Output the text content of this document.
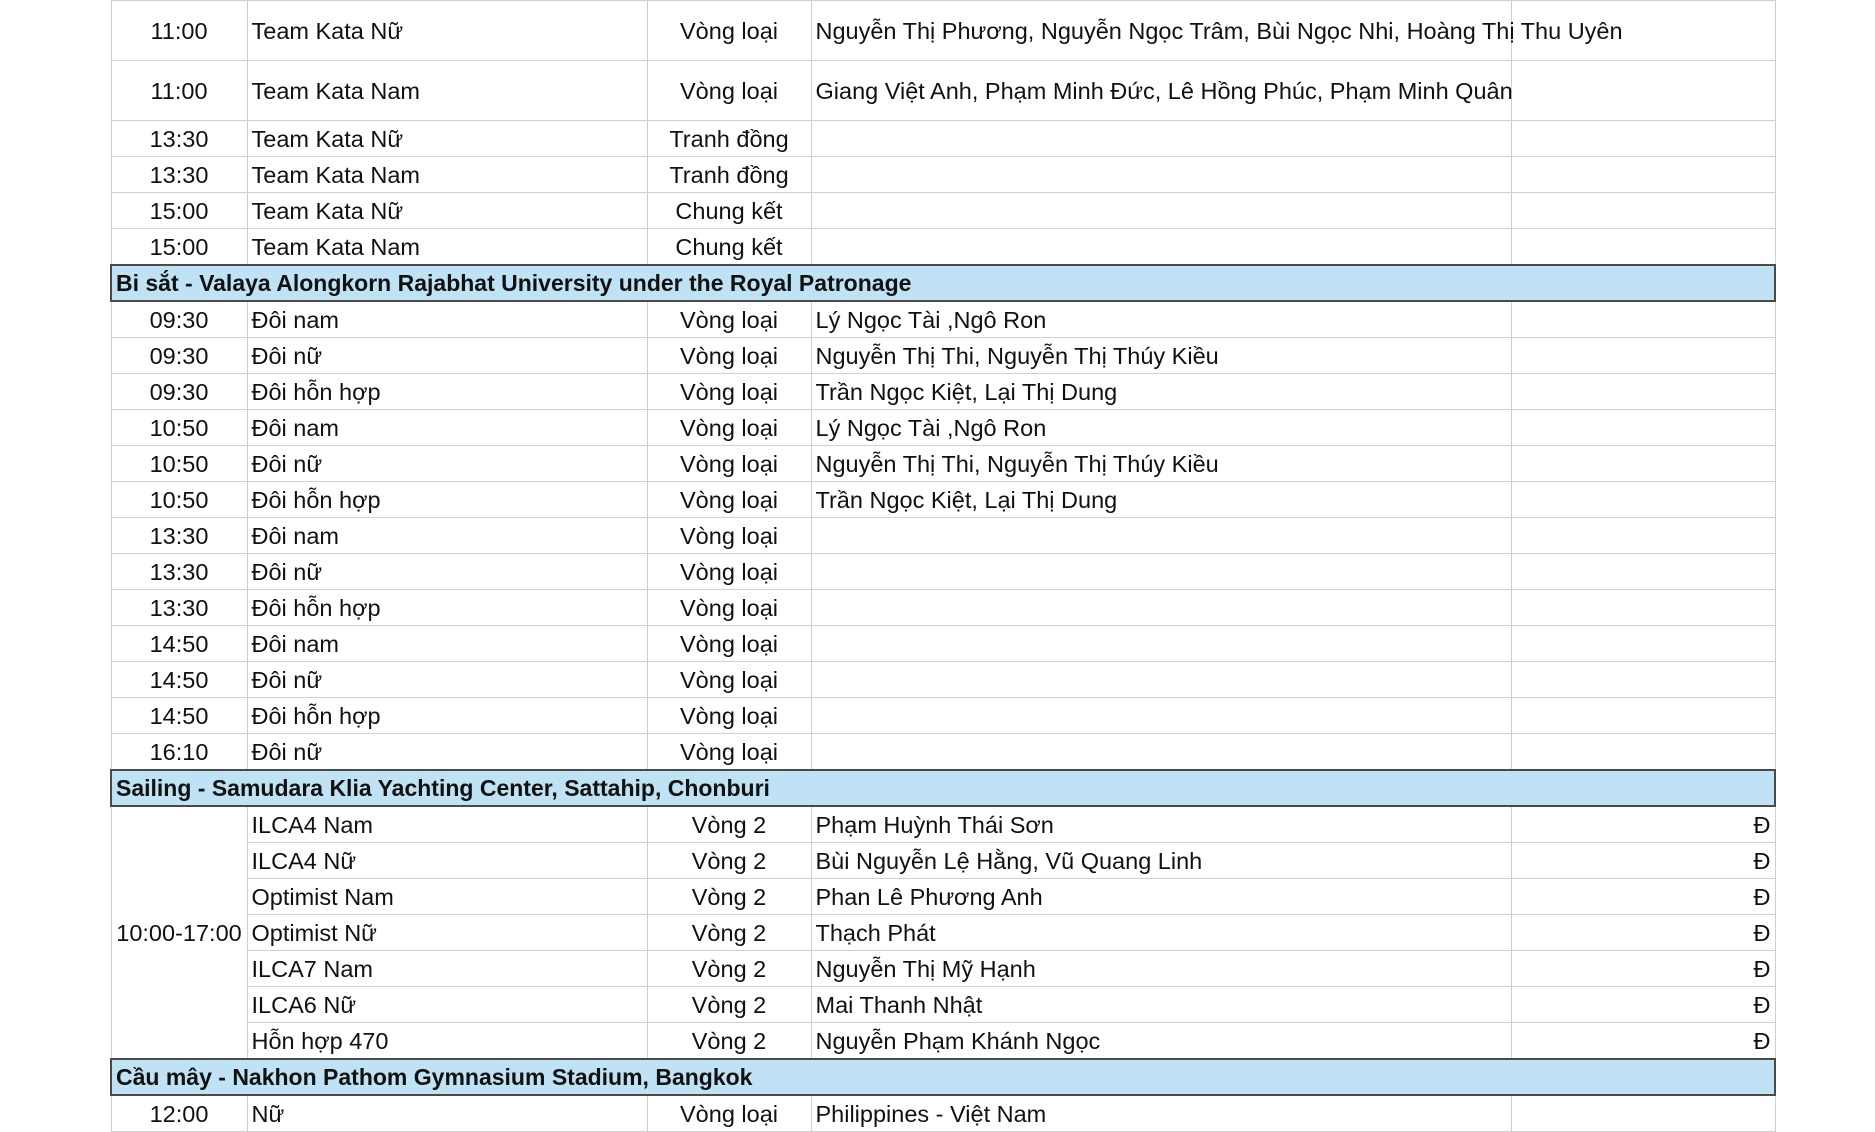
11:00	Team Kata Nữ	Vòng loại	Nguyễn Thị Phương, Nguyễn Ngọc Trâm, Bùi Ngọc Nhi, Hoàng Thị Thu Uyên	
11:00	Team Kata Nam	Vòng loại	Giang Việt Anh, Phạm Minh Đức, Lê Hồng Phúc, Phạm Minh Quân	
13:30	Team Kata Nữ	Tranh đồng		
13:30	Team Kata Nam	Tranh đồng		
15:00	Team Kata Nữ	Chung kết		
15:00	Team Kata Nam	Chung kết		
Bi sắt - Valaya Alongkorn Rajabhat University under the Royal Patronage				
09:30	Đôi nam	Vòng loại	Lý Ngọc Tài ,Ngô Ron	
09:30	Đôi nữ	Vòng loại	Nguyễn Thị Thi, Nguyễn Thị Thúy Kiều	
09:30	Đôi hỗn hợp	Vòng loại	Trần Ngọc Kiệt, Lại Thị Dung	
10:50	Đôi nam	Vòng loại	Lý Ngọc Tài ,Ngô Ron	
10:50	Đôi nữ	Vòng loại	Nguyễn Thị Thi, Nguyễn Thị Thúy Kiều	
10:50	Đôi hỗn hợp	Vòng loại	Trần Ngọc Kiệt, Lại Thị Dung	
13:30	Đôi nam	Vòng loại		
13:30	Đôi nữ	Vòng loại		
13:30	Đôi hỗn hợp	Vòng loại		
14:50	Đôi nam	Vòng loại		
14:50	Đôi nữ	Vòng loại		
14:50	Đôi hỗn hợp	Vòng loại		
16:10	Đôi nữ	Vòng loại		
Sailing - Samudara Klia Yachting Center, Sattahip, Chonburi				
10:00-17:00	ILCA4 Nam	Vòng 2	Phạm Huỳnh Thái Sơn	Đ
	ILCA4 Nữ	Vòng 2	Bùi Nguyễn Lệ Hằng, Vũ Quang Linh	Đ
	Optimist Nam	Vòng 2	Phan Lê Phương Anh	Đ
	Optimist Nữ	Vòng 2	Thạch Phát	Đ
	ILCA7 Nam	Vòng 2	Nguyễn Thị Mỹ Hạnh	Đ
	ILCA6 Nữ	Vòng 2	Mai Thanh Nhật	Đ
	Hỗn hợp 470	Vòng 2	Nguyễn Phạm Khánh Ngọc	Đ
Cầu mây - Nakhon Pathom Gymnasium Stadium, Bangkok				
12:00	Nữ	Vòng loại	Philippines - Việt Nam	
